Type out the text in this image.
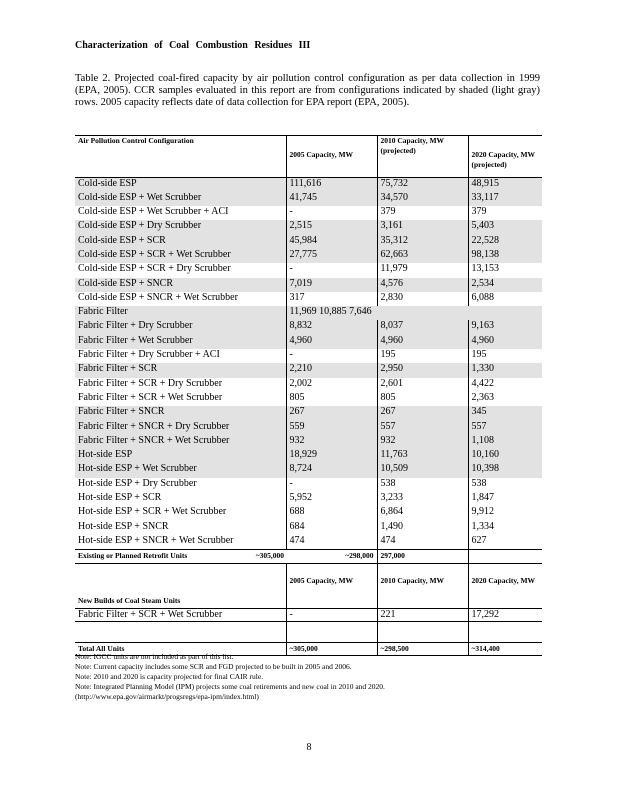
Characterization of Coal Combustion Residues III
Table 2. Projected coal-fired capacity by air pollution control configuration as per data collection in 1999 (EPA, 2005). CCR samples evaluated in this report are from configurations indicated by shaded (light gray) rows. 2005 capacity reflects date of data collection for EPA report (EPA, 2005).
Air Pollution Control Configuration	2005 Capacity, MW	2010 Capacity, MW (projected)	2020 Capacity, MW (projected)
Cold-side ESP	111,616	75,732	48,915
Cold-side ESP + Wet Scrubber	41,745	34,570	33,117
Cold-side ESP + Wet Scrubber + ACI	-	379	379
Cold-side ESP + Dry Scrubber	2,515	3,161	5,403
Cold-side ESP + SCR	45,984	35,312	22,528
Cold-side ESP + SCR + Wet Scrubber	27,775	62,663	98,138
Cold-side ESP + SCR + Dry Scrubber	-	11,979	13,153
Cold-side ESP + SNCR	7,019	4,576	2,534
Cold-side ESP + SNCR + Wet Scrubber	317	2,830	6,088
Fabric Filter	11,969 10,885 7,646		
Fabric Filter + Dry Scrubber	8,832	8,037	9,163
Fabric Filter + Wet Scrubber	4,960	4,960	4,960
Fabric Filter + Dry Scrubber + ACI	-	195	195
Fabric Filter + SCR	2,210	2,950	1,330
Fabric Filter + SCR + Dry Scrubber	2,002	2,601	4,422
Fabric Filter + SCR + Wet Scrubber	805	805	2,363
Fabric Filter + SNCR	267	267	345
Fabric Filter + SNCR + Dry Scrubber	559	557	557
Fabric Filter + SNCR + Wet Scrubber	932	932	1,108
Hot-side ESP	18,929	11,763	10,160
Hot-side ESP + Wet Scrubber	8,724	10,509	10,398
Hot-side ESP + Dry Scrubber	-	538	538
Hot-side ESP + SCR	5,952	3,233	1,847
Hot-side ESP + SCR + Wet Scrubber	688	6,864	9,912
Hot-side ESP + SNCR	684	1,490	1,334
Hot-side ESP + SNCR + Wet Scrubber	474	474	627
Existing or Planned Retrofit Units ~305,000	~298,000	297,000	

New Builds of Coal Steam Units	2005 Capacity, MW	2010 Capacity, MW	2020 Capacity, MW
Fabric Filter + SCR + Wet Scrubber	-	221	17,292

Total All Units	~305,000	~298,500	~314,400
Note: IGCC units are not included as part of this list.
Note: Current capacity includes some SCR and FGD projected to be built in 2005 and 2006.
Note: 2010 and 2020 is capacity projected for final CAIR rule.
Note: Integrated Planning Model (IPM) projects some coal retirements and new coal in 2010 and 2020.
(http://www.epa.gov/airmarkt/progsregs/epa-ipm/index.html)
8
